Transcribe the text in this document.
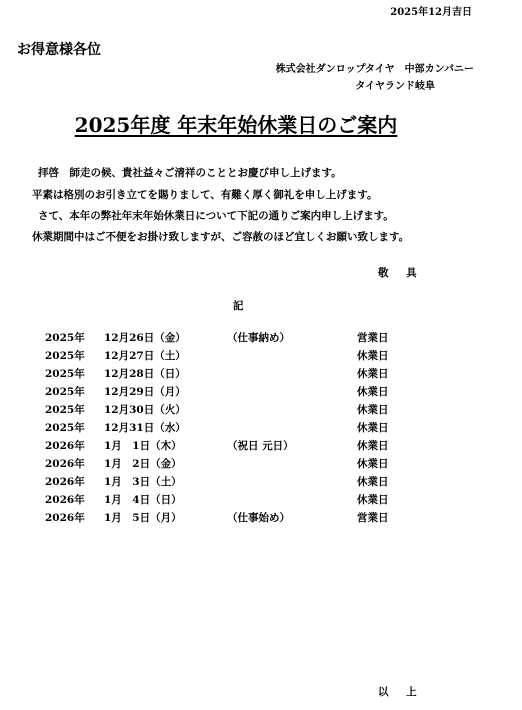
2025年12月吉日
お得意様各位
株式会社ダンロップタイヤ　中部カンパニー
タイヤランド岐阜
2025年度 年末年始休業日のご案内
拝啓　師走の候、貴社益々ご清祥のこととお慶び申し上げます。
平素は格別のお引き立てを賜りまして、有難く厚く御礼を申し上げます。
さて、本年の弊社年末年始休業日について下記の通りご案内申し上げます。
休業期間中はご不便をお掛け致しますが、ご容赦のほど宜しくお願い致します。
敬 具
記
2025年 12月26日（金）	（仕事納め）	営業日
2025年 12月27日（土）	休業日
2025年 12月28日（日）	休業日
2025年 12月29日（月）	休業日
2025年 12月30日（火）	休業日
2025年 12月31日（水）	休業日
2026年 1月　1日（木）	（祝日 元日）	休業日
2026年 1月　2日（金）	休業日
2026年 1月　3日（土）	休業日
2026年 1月　4日（日）	休業日
2026年 1月　5日（月）	（仕事始め）	営業日
以 上
